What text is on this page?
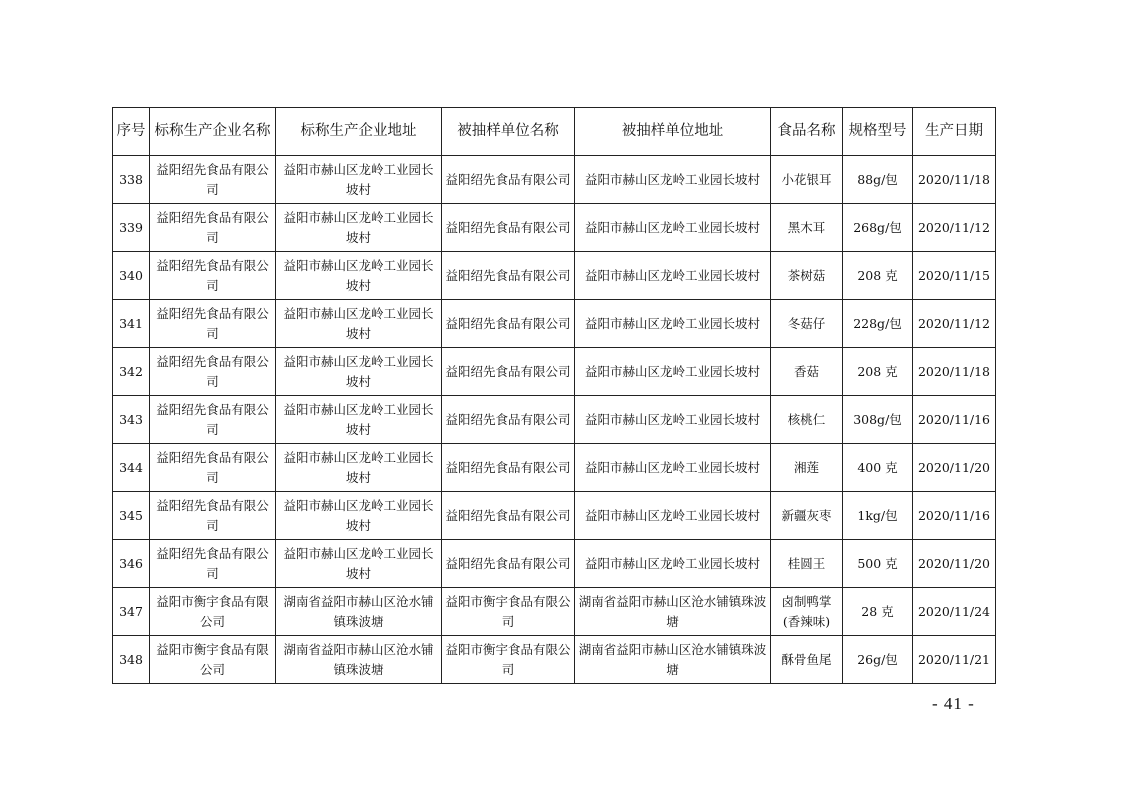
序号	标称生产企业名称	标称生产企业地址	被抽样单位名称	被抽样单位地址	食品名称	规格型号	生产日期
338	益阳绍先食品有限公司	益阳市赫山区龙岭工业园长坡村	益阳绍先食品有限公司	益阳市赫山区龙岭工业园长坡村	小花银耳	88g/包	2020/11/18
339	益阳绍先食品有限公司	益阳市赫山区龙岭工业园长坡村	益阳绍先食品有限公司	益阳市赫山区龙岭工业园长坡村	黑木耳	268g/包	2020/11/12
340	益阳绍先食品有限公司	益阳市赫山区龙岭工业园长坡村	益阳绍先食品有限公司	益阳市赫山区龙岭工业园长坡村	茶树菇	208 克	2020/11/15
341	益阳绍先食品有限公司	益阳市赫山区龙岭工业园长坡村	益阳绍先食品有限公司	益阳市赫山区龙岭工业园长坡村	冬菇仔	228g/包	2020/11/12
342	益阳绍先食品有限公司	益阳市赫山区龙岭工业园长坡村	益阳绍先食品有限公司	益阳市赫山区龙岭工业园长坡村	香菇	208 克	2020/11/18
343	益阳绍先食品有限公司	益阳市赫山区龙岭工业园长坡村	益阳绍先食品有限公司	益阳市赫山区龙岭工业园长坡村	核桃仁	308g/包	2020/11/16
344	益阳绍先食品有限公司	益阳市赫山区龙岭工业园长坡村	益阳绍先食品有限公司	益阳市赫山区龙岭工业园长坡村	湘莲	400 克	2020/11/20
345	益阳绍先食品有限公司	益阳市赫山区龙岭工业园长坡村	益阳绍先食品有限公司	益阳市赫山区龙岭工业园长坡村	新疆灰枣	1kg/包	2020/11/16
346	益阳绍先食品有限公司	益阳市赫山区龙岭工业园长坡村	益阳绍先食品有限公司	益阳市赫山区龙岭工业园长坡村	桂圆王	500 克	2020/11/20
347	益阳市衡宇食品有限公司	湖南省益阳市赫山区沧水铺镇珠波塘	益阳市衡宇食品有限公司	湖南省益阳市赫山区沧水铺镇珠波塘	卤制鸭掌(香辣味)	28 克	2020/11/24
348	益阳市衡宇食品有限公司	湖南省益阳市赫山区沧水铺镇珠波塘	益阳市衡宇食品有限公司	湖南省益阳市赫山区沧水铺镇珠波塘	酥骨鱼尾	26g/包	2020/11/21
- 41 -
